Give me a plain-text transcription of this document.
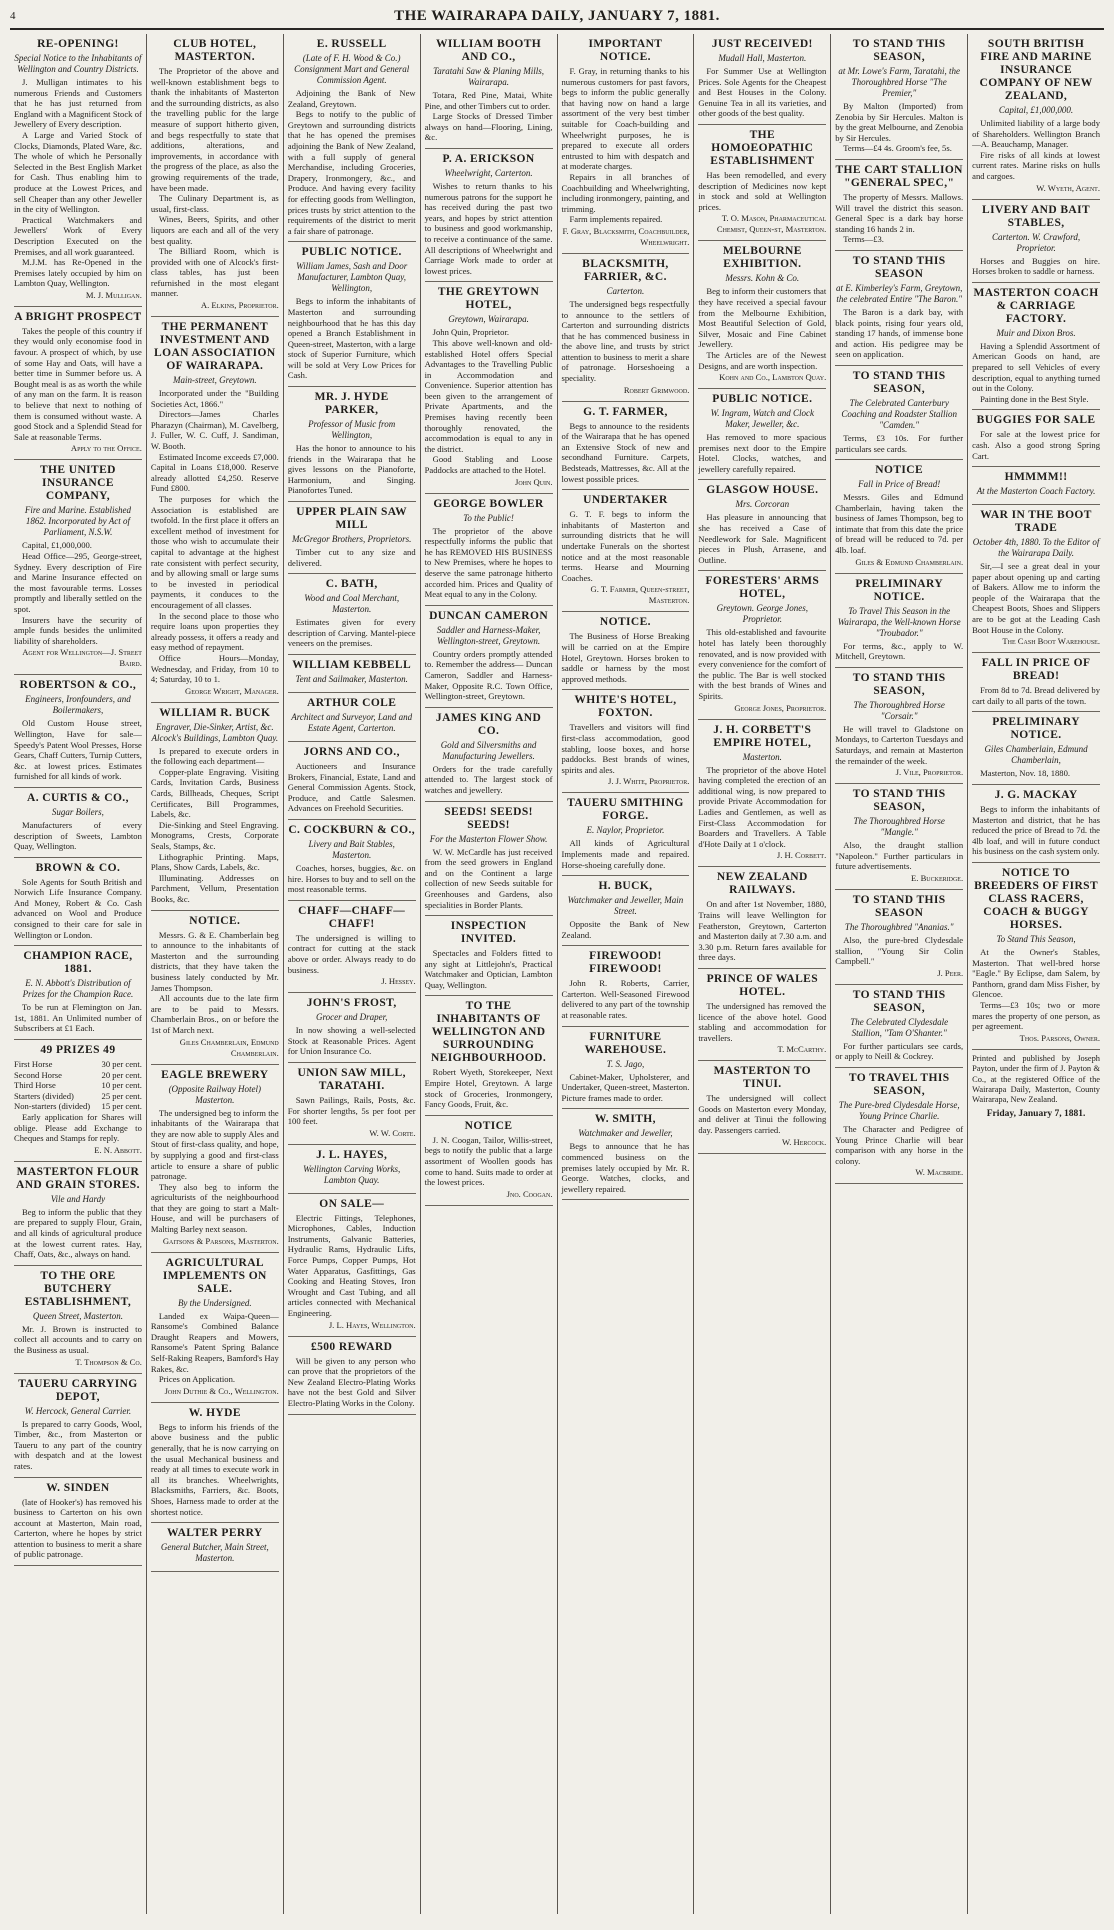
4	THE WAIRARAPA DAILY, JANUARY 7, 1881.
RE-OPENING!
Special Notice to the Inhabitants of Wellington and Country Districts.

J. Mulligan intimates to his numerous Friends and Customers that he has just returned from England with a Magnificent Stock of Jewellery of Every description.

A Large and Varied Stock of Clocks, Diamonds, Plated Ware, &c. The whole of which he Personally Selected in the Best English Market for Cash. Thus enabling him to produce at the Lowest Prices, and sell Cheaper than any other Jeweller in the city of Wellington.

Practical Watchmakers and Jewellers' Work of Every Description Executed on the Premises, and all work guaranteed.

M.J.M. has Re-Opened in the Premises lately occupied by him on Lambton Quay, Wellington.

M. J. Mulligan.
A BRIGHT PROSPECT

Takes the people of this country if they would only economise food in favour. A prospect of which, by use of some Hay and Oats, will have a better time in Summer before us. A Bought meal is as as worth the while of any man on the farm. It is reason to believe that next to nothing of them is consumed without waste. A good Stock and a Splendid Stead for Sale at reasonable Terms.

Apply to the Office.
THE UNITED INSURANCE COMPANY,
Fire and Marine. Established 1862. Incorporated by Act of Parliament, N.S.W.

Capital, £1,000,000.

Head Office—295, George-street, Sydney. Every description of Fire and Marine Insurance effected on the most favourable terms. Losses promptly and liberally settled on the spot.

Insurers have the security of ample funds besides the unlimited liability of shareholders.

Agent for Wellington—J. Street Baird.
ROBERTSON & CO.,
Engineers, Ironfounders, and Boilermakers,

Old Custom House street, Wellington, Have for sale— Speedy's Patent Wool Presses, Horse Gears, Chaff Cutters, Turnip Cutters, &c. at lowest prices. Estimates furnished for all kinds of work.

A. CURTIS & CO.,
Sugar Boilers,

Manufacturers of every description of Sweets, Lambton Quay, Wellington.

BROWN & CO.

Sole Agents for South British and Norwich Life Insurance Company. And Money, Robert & Co. Cash advanced on Wool and Produce consigned to their care for sale in Wellington or London.

CHAMPION RACE, 1881.
E. N. Abbott's Distribution of Prizes for the Champion Race.

To be run at Flemington on Jan. 1st, 1881. An Unlimited number of Subscribers at £1 Each.

49 PRIZES 49
First Horse	30 per cent.
Second Horse	20 per cent.
Third Horse	10 per cent.
Starters (divided)	25 per cent.
Non-starters (divided)	15 per cent.

Early application for Shares will oblige. Please add Exchange to Cheques and Stamps for reply.

E. N. Abbott.
MASTERTON FLOUR AND GRAIN STORES.
Vile and Hardy

Beg to inform the public that they are prepared to supply Flour, Grain, and all kinds of agricultural produce at the lowest current rates. Hay, Chaff, Oats, &c., always on hand.

TO THE ORE BUTCHERY ESTABLISHMENT,
Queen Street, Masterton.

Mr. J. Brown is instructed to collect all accounts and to carry on the Business as usual.

T. Thompson & Co.
TAUERU CARRYING DEPOT,
W. Hercock, General Carrier.

Is prepared to carry Goods, Wool, Timber, &c., from Masterton or Taueru to any part of the country with despatch and at the lowest rates.

W. SINDEN

(late of Hooker's) has removed his business to Carterton on his own account at Masterton, Main road, Carterton, where he hopes by strict attention to business to merit a share of public patronage.

CLUB HOTEL, MASTERTON.

The Proprietor of the above and well-known establishment begs to thank the inhabitants of Masterton and the surrounding districts, as also the travelling public for the large measure of support hitherto given, and begs respectfully to state that additions, alterations, and improvements, in accordance with the progress of the place, as also the growing requirements of the trade, have been made.

The Culinary Department is, as usual, first-class.

Wines, Beers, Spirits, and other liquors are each and all of the very best quality.

The Billiard Room, which is provided with one of Alcock's first-class tables, has just been refurnished in the most elegant manner.

A. Elkins, Proprietor.
THE PERMANENT INVESTMENT AND LOAN ASSOCIATION OF WAIRARAPA.
Main-street, Greytown.

Incorporated under the "Building Societies Act, 1866."

Directors—James Charles Pharazyn (Chairman), M. Cavelberg, J. Fuller, W. C. Cuff, J. Sandiman, W. Booth.

Estimated Income exceeds £7,000. Capital in Loans £18,000. Reserve already allotted £4,250. Reserve Fund £800.

The purposes for which the Association is established are twofold. In the first place it offers an excellent method of investment for those who wish to accumulate their capital to advantage at the highest rate consistent with perfect security, and by allowing small or large sums to be invested in periodical payments, it conduces to the encouragement of all classes.

In the second place to those who require loans upon properties they already possess, it offers a ready and easy method of repayment.

Office Hours—Monday, Wednesday, and Friday, from 10 to 4; Saturday, 10 to 1.

George Wright, Manager.
WILLIAM R. BUCK
Engraver, Die-Sinker, Artist, &c. Alcock's Buildings, Lambton Quay.

Is prepared to execute orders in the following each department—

Copper-plate Engraving. Visiting Cards, Invitation Cards, Business Cards, Billheads, Cheques, Script Certificates, Bill Programmes, Labels, &c.

Die-Sinking and Steel Engraving. Monograms, Crests, Corporate Seals, Stamps, &c.

Lithographic Printing. Maps, Plans, Show Cards, Labels, &c.

Illuminating. Addresses on Parchment, Vellum, Presentation Books, &c.

NOTICE.

Messrs. G. & E. Chamberlain beg to announce to the inhabitants of Masterton and the surrounding districts, that they have taken the business lately conducted by Mr. James Thompson.

All accounts due to the late firm are to be paid to Messrs. Chamberlain Bros., on or before the 1st of March next.

Giles Chamberlain, Edmund Chamberlain.
EAGLE BREWERY
(Opposite Railway Hotel) Masterton.

The undersigned beg to inform the inhabitants of the Wairarapa that they are now able to supply Ales and Stout of first-class quality, and hope, by supplying a good and first-class article to ensure a share of public patronage.

They also beg to inform the agriculturists of the neighbourhood that they are going to start a Malt-House, and will be purchasers of Malting Barley next season.

Gaitsons & Parsons, Masterton.
AGRICULTURAL IMPLEMENTS ON SALE.
By the Undersigned.

Landed ex Waipa-Queen— Ransome's Combined Balance Draught Reapers and Mowers, Ransome's Patent Spring Balance Self-Raking Reapers, Bamford's Hay Rakes, &c.

Prices on Application.

John Duthie & Co., Wellington.
W. HYDE

Begs to inform his friends of the above business and the public generally, that he is now carrying on the usual Mechanical business and ready at all times to execute work in all its branches. Wheelwrights, Blacksmiths, Farriers, &c. Boots, Shoes, Harness made to order at the shortest notice.

WALTER PERRY
General Butcher, Main Street, Masterton.
E. RUSSELL
(Late of F. H. Wood & Co.) Consignment Mart and General Commission Agent.

Adjoining the Bank of New Zealand, Greytown.

Begs to notify to the public of Greytown and surrounding districts that he has opened the premises adjoining the Bank of New Zealand, with a full supply of general Merchandise, including Groceries, Drapery, Ironmongery, &c., and Produce. And having every facility for effecting goods from Wellington, prices trusts by strict attention to the requirements of the district to merit a fair share of patronage.

PUBLIC NOTICE.
William James, Sash and Door Manufacturer, Lambton Quay, Wellington,

Begs to inform the inhabitants of Masterton and surrounding neighbourhood that he has this day opened a Branch Establishment in Queen-street, Masterton, with a large stock of Superior Furniture, which will be sold at Very Low Prices for Cash.

MR. J. HYDE PARKER,
Professor of Music from Wellington,

Has the honor to announce to his friends in the Wairarapa that he gives lessons on the Pianoforte, Harmonium, and Singing. Pianofortes Tuned.

UPPER PLAIN SAW MILL
McGregor Brothers, Proprietors.

Timber cut to any size and delivered.

C. BATH,
Wood and Coal Merchant, Masterton.

Estimates given for every description of Carving. Mantel-piece veneers on the premises.

WILLIAM KEBBELL
Tent and Sailmaker, Masterton.
ARTHUR COLE
Architect and Surveyor, Land and Estate Agent, Carterton.
JORNS AND CO.,

Auctioneers and Insurance Brokers, Financial, Estate, Land and General Commission Agents. Stock, Produce, and Cattle Salesmen. Advances on Freehold Securities.

C. COCKBURN & CO.,
Livery and Bait Stables, Masterton.

Coaches, horses, buggies, &c. on hire. Horses to buy and to sell on the most reasonable terms.

CHAFF—CHAFF—CHAFF!

The undersigned is willing to contract for cutting at the stack above or order. Always ready to do business.

J. Hessey.
JOHN'S FROST,
Grocer and Draper,

In now showing a well-selected Stock at Reasonable Prices. Agent for Union Insurance Co.

UNION SAW MILL, TARATAHI.

Sawn Pailings, Rails, Posts, &c. For shorter lengths, 5s per foot per 100 feet.

W. W. Corte.
J. L. HAYES,
Wellington Carving Works, Lambton Quay.
ON SALE—

Electric Fittings, Telephones, Microphones, Cables, Induction Instruments, Galvanic Batteries, Hydraulic Rams, Hydraulic Lifts, Force Pumps, Copper Pumps, Hot Water Apparatus, Gasfittings, Gas Cooking and Heating Stoves, Iron Wrought and Cast Tubing, and all articles connected with Mechanical Engineering.

J. L. Hayes, Wellington.
£500 REWARD

Will be given to any person who can prove that the proprietors of the New Zealand Electro-Plating Works have not the best Gold and Silver Electro-Plating Works in the Colony.

WILLIAM BOOTH AND CO.,
Taratahi Saw & Planing Mills, Wairarapa.

Totara, Red Pine, Matai, White Pine, and other Timbers cut to order.

Large Stocks of Dressed Timber always on hand—Flooring, Lining, &c.

P. A. ERICKSON
Wheelwright, Carterton.

Wishes to return thanks to his numerous patrons for the support he has received during the past two years, and hopes by strict attention to business and good workmanship, to receive a continuance of the same. All descriptions of Wheelwright and Carriage Work made to order at lowest prices.

THE GREYTOWN HOTEL,
Greytown, Wairarapa.

John Quin, Proprietor.

This above well-known and old-established Hotel offers Special Advantages to the Travelling Public in Accommodation and Convenience. Superior attention has been given to the arrangement of Private Apartments, and the Premises having recently been thoroughly renovated, the accommodation is equal to any in the district.

Good Stabling and Loose Paddocks are attached to the Hotel.

John Quin.
GEORGE BOWLER
To the Public!

The proprietor of the above respectfully informs the public that he has REMOVED HIS BUSINESS to New Premises, where he hopes to deserve the same patronage hitherto accorded him. Prices and Quality of Meat equal to any in the Colony.

DUNCAN CAMERON
Saddler and Harness-Maker, Wellington-street, Greytown.

Country orders promptly attended to. Remember the address— Duncan Cameron, Saddler and Harness-Maker, Opposite R.C. Town Office, Wellington-street, Greytown.

JAMES KING AND CO.
Gold and Silversmiths and Manufacturing Jewellers.

Orders for the trade carefully attended to. The largest stock of watches and jewellery.

SEEDS! SEEDS! SEEDS!
For the Masterton Flower Show.

W. W. McCardle has just received from the seed growers in England and on the Continent a large collection of new Seeds suitable for Greenhouses and Gardens, also specialities in Border Plants.

INSPECTION INVITED.

Spectacles and Folders fitted to any sight at Littlejohn's, Practical Watchmaker and Optician, Lambton Quay, Wellington.

TO THE INHABITANTS OF WELLINGTON AND SURROUNDING NEIGHBOURHOOD.

Robert Wyeth, Storekeeper, Next Empire Hotel, Greytown. A large stock of Groceries, Ironmongery, Fancy Goods, Fruit, &c.

NOTICE

J. N. Coogan, Tailor, Willis-street, begs to notify the public that a large assortment of Woollen goods has come to hand. Suits made to order at the lowest prices.

Jno. Coogan.
IMPORTANT NOTICE.

F. Gray, in returning thanks to his numerous customers for past favors, begs to inform the public generally that having now on hand a large assortment of the very best timber suitable for Coach-building and Wheelwright purposes, he is prepared to execute all orders entrusted to him with despatch and at moderate charges.

Repairs in all branches of Coachbuilding and Wheelwrighting, including ironmongery, painting, and trimming.

Farm implements repaired.

F. Gray, Blacksmith, Coachbuilder, Wheelwright.
BLACKSMITH, FARRIER, &C.
Carterton.

The undersigned begs respectfully to announce to the settlers of Carterton and surrounding districts that he has commenced business in the above line, and trusts by strict attention to business to merit a share of patronage. Horseshoeing a speciality.

Robert Grimwood.
G. T. FARMER,

Begs to announce to the residents of the Wairarapa that he has opened an Extensive Stock of new and secondhand Furniture. Carpets, Bedsteads, Mattresses, &c. All at the lowest possible prices.

UNDERTAKER

G. T. F. begs to inform the inhabitants of Masterton and surrounding districts that he will undertake Funerals on the shortest notice and at the most reasonable terms. Hearse and Mourning Coaches.

G. T. Farmer, Queen-street, Masterton.
NOTICE.

The Business of Horse Breaking will be carried on at the Empire Hotel, Greytown. Horses broken to saddle or harness by the most approved methods.

WHITE'S HOTEL, FOXTON.

Travellers and visitors will find first-class accommodation, good stabling, loose boxes, and horse paddocks. Best brands of wines, spirits and ales.

J. J. White, Proprietor.
TAUERU SMITHING FORGE.
E. Naylor, Proprietor.

All kinds of Agricultural Implements made and repaired. Horse-shoeing carefully done.

H. BUCK,
Watchmaker and Jeweller, Main Street.

Opposite the Bank of New Zealand.

FIREWOOD! FIREWOOD!

John R. Roberts, Carrier, Carterton. Well-Seasoned Firewood delivered to any part of the township at reasonable rates.

FURNITURE WAREHOUSE.
T. S. Jago,

Cabinet-Maker, Upholsterer, and Undertaker, Queen-street, Masterton. Picture frames made to order.

W. SMITH,
Watchmaker and Jeweller,

Begs to announce that he has commenced business on the premises lately occupied by Mr. R. George. Watches, clocks, and jewellery repaired.

JUST RECEIVED!
Mudall Hall, Masterton.

For Summer Use at Wellington Prices. Sole Agents for the Cheapest and Best Houses in the Colony. Genuine Tea in all its varieties, and other goods of the best quality.

THE HOMOEOPATHIC ESTABLISHMENT

Has been remodelled, and every description of Medicines now kept in stock and sold at Wellington prices.

T. O. Mason, Pharmaceutical Chemist, Queen-st, Masterton.
MELBOURNE EXHIBITION.
Messrs. Kohn & Co.

Beg to inform their customers that they have received a special favour from the Melbourne Exhibition, Most Beautiful Selection of Gold, Silver, Mosaic and Fine Cabinet Jewellery.

The Articles are of the Newest Designs, and are worth inspection.

Kohn and Co., Lambton Quay.
PUBLIC NOTICE.
W. Ingram, Watch and Clock Maker, Jeweller, &c.

Has removed to more spacious premises next door to the Empire Hotel. Clocks, watches, and jewellery carefully repaired.

GLASGOW HOUSE.
Mrs. Corcoran

Has pleasure in announcing that she has received a Case of Needlework for Sale. Magnificent pieces in Plush, Arrasene, and Outline.

FORESTERS' ARMS HOTEL,
Greytown. George Jones, Proprietor.

This old-established and favourite hotel has lately been thoroughly renovated, and is now provided with every convenience for the comfort of the public. The Bar is well stocked with the best brands of Wines and Spirits.

George Jones, Proprietor.
J. H. CORBETT'S EMPIRE HOTEL,
Masterton.

The proprietor of the above Hotel having completed the erection of an additional wing, is now prepared to provide Private Accommodation for Ladies and Gentlemen, as well as First-Class Accommodation for Boarders and Travellers. A Table d'Hote Daily at 1 o'clock.

J. H. Corbett.
NEW ZEALAND RAILWAYS.

On and after 1st November, 1880, Trains will leave Wellington for Featherston, Greytown, Carterton and Masterton daily at 7.30 a.m. and 3.30 p.m. Return fares available for three days.

PRINCE OF WALES HOTEL.

The undersigned has removed the licence of the above hotel. Good stabling and accommodation for travellers.

T. McCarthy.
MASTERTON TO TINUI.

The undersigned will collect Goods on Masterton every Monday, and deliver at Tinui the following day. Passengers carried.

W. Hercock.
TO STAND THIS SEASON,
at Mr. Lowe's Farm, Taratahi, the Thoroughbred Horse "The Premier,"

By Malton (Imported) from Zenobia by Sir Hercules. Malton is by the great Melbourne, and Zenobia by Sir Hercules.

Terms—£4 4s. Groom's fee, 5s.

THE CART STALLION "GENERAL SPEC,"

The property of Messrs. Mallows. Will travel the district this season. General Spec is a dark bay horse standing 16 hands 2 in.

Terms—£3.

TO STAND THIS SEASON
at E. Kimberley's Farm, Greytown, the celebrated Entire "The Baron."

The Baron is a dark bay, with black points, rising four years old, standing 17 hands, of immense bone and action. His pedigree may be seen on application.

TO STAND THIS SEASON,
The Celebrated Canterbury Coaching and Roadster Stallion "Camden."

Terms, £3 10s. For further particulars see cards.

NOTICE
Fall in Price of Bread!

Messrs. Giles and Edmund Chamberlain, having taken the business of James Thompson, beg to intimate that from this date the price of bread will be reduced to 7d. per 4lb. loaf.

Giles & Edmund Chamberlain.
PRELIMINARY NOTICE.
To Travel This Season in the Wairarapa, the Well-known Horse "Troubador."

For terms, &c., apply to W. Mitchell, Greytown.

TO STAND THIS SEASON,
The Thoroughbred Horse "Corsair."

He will travel to Gladstone on Mondays, to Carterton Tuesdays and Saturdays, and remain at Masterton the remainder of the week.

J. Vile, Proprietor.
TO STAND THIS SEASON,
The Thoroughbred Horse "Mangle."

Also, the draught stallion "Napoleon." Further particulars in future advertisements.

E. Buckeridge.
TO STAND THIS SEASON
The Thoroughbred "Ananias."

Also, the pure-bred Clydesdale stallion, "Young Sir Colin Campbell."

J. Peer.
TO STAND THIS SEASON,
The Celebrated Clydesdale Stallion, "Tam O'Shanter."

For further particulars see cards, or apply to Neill & Cockrey.

TO TRAVEL THIS SEASON,
The Pure-bred Clydesdale Horse, Young Prince Charlie.

The Character and Pedigree of Young Prince Charlie will bear comparison with any horse in the colony.

W. Macbride.
SOUTH BRITISH FIRE AND MARINE INSURANCE COMPANY OF NEW ZEALAND,
Capital, £1,000,000.

Unlimited liability of a large body of Shareholders. Wellington Branch—A. Beauchamp, Manager.

Fire risks of all kinds at lowest current rates. Marine risks on hulls and cargoes.

W. Wyeth, Agent.
LIVERY AND BAIT STABLES,
Carterton. W. Crawford, Proprietor.

Horses and Buggies on hire. Horses broken to saddle or harness.

MASTERTON COACH & CARRIAGE FACTORY.
Muir and Dixon Bros.

Having a Splendid Assortment of American Goods on hand, are prepared to sell Vehicles of every description, equal to anything turned out in the Colony.

Painting done in the Best Style.

BUGGIES FOR SALE

For sale at the lowest price for cash. Also a good strong Spring Cart.

HMMMM!!
At the Masterton Coach Factory.
WAR IN THE BOOT TRADE
October 4th, 1880. To the Editor of the Wairarapa Daily.

Sir,—I see a great deal in your paper about opening up and carting of Bakers. Allow me to inform the people of the Wairarapa that the Cheapest Boots, Shoes and Slippers are to be got at the Leading Cash Boot House in the Colony.

The Cash Boot Warehouse.
FALL IN PRICE OF BREAD!

From 8d to 7d. Bread delivered by cart daily to all parts of the town.

PRELIMINARY NOTICE.
Giles Chamberlain, Edmund Chamberlain,

Masterton, Nov. 18, 1880.

J. G. MACKAY

Begs to inform the inhabitants of Masterton and district, that he has reduced the price of Bread to 7d. the 4lb loaf, and will in future conduct his business on the cash system only.

NOTICE TO BREEDERS OF FIRST CLASS RACERS, COACH & BUGGY HORSES.
To Stand This Season,

At the Owner's Stables, Masterton. That well-bred horse "Eagle." By Eclipse, dam Salem, by Panthorn, grand dam Miss Fisher, by Glencoe.

Terms—£3 10s; two or more mares the property of one person, as per agreement.

Thos. Parsons, Owner.
Printed and published by Joseph Payton, under the firm of J. Payton & Co., at the registered Office of the Wairarapa Daily, Masterton, County Wairarapa, New Zealand.
Friday, January 7, 1881.
